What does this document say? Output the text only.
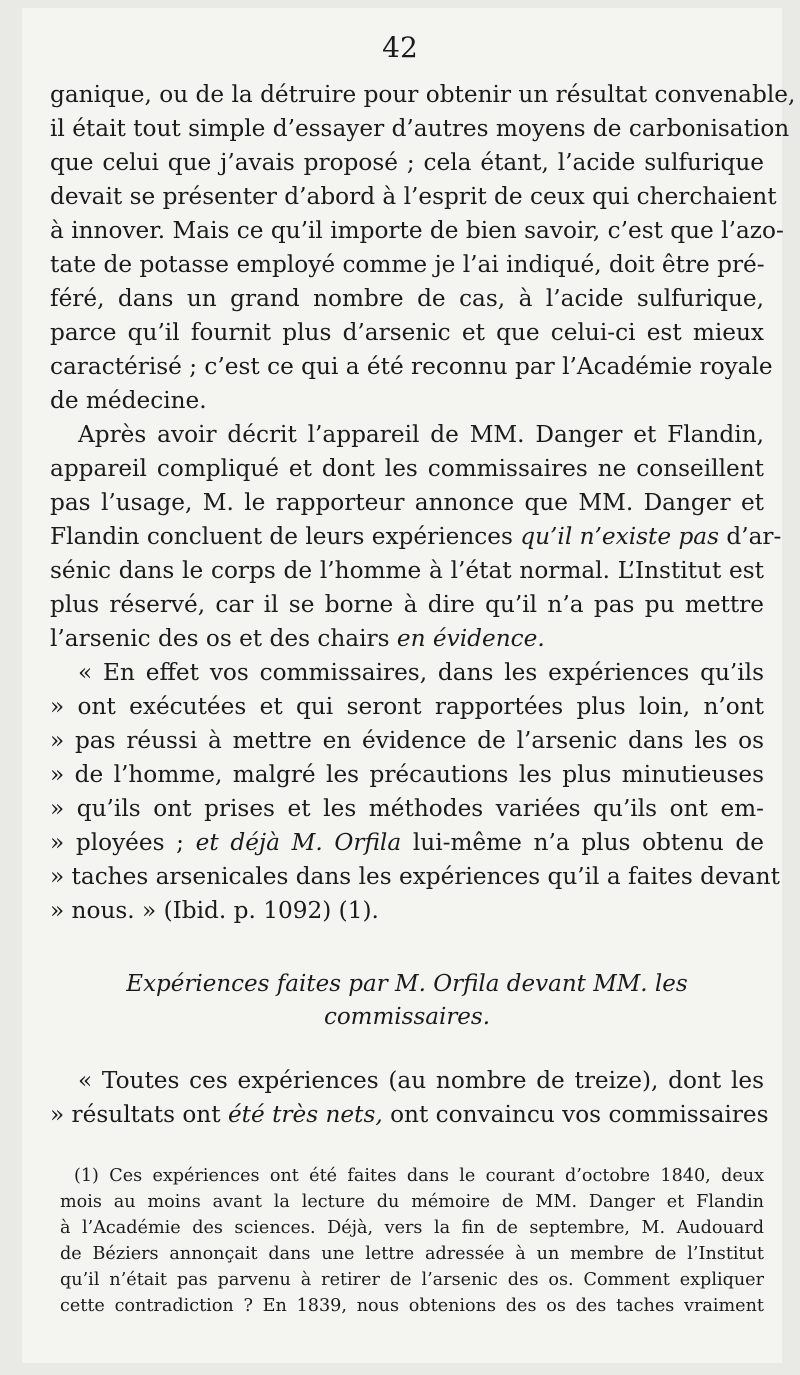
42
ganique, ou de la détruire pour obtenir un résultat convenable,
il était tout simple d’essayer d’autres moyens de carbonisation
que celui que j’avais proposé ; cela étant, l’acide sulfurique
devait se présenter d’abord à l’esprit de ceux qui cherchaient
à innover. Mais ce qu’il importe de bien savoir, c’est que l’azo-
tate de potasse employé comme je l’ai indiqué, doit être pré-
féré, dans un grand nombre de cas, à l’acide sulfurique,
parce qu’il fournit plus d’arsenic et que celui-ci est mieux
caractérisé ; c’est ce qui a été reconnu par l’Académie royale
de médecine.
Après avoir décrit l’appareil de MM. Danger et Flandin,
appareil compliqué et dont les commissaires ne conseillent
pas l’usage, M. le rapporteur annonce que MM. Danger et
Flandin concluent de leurs expériences qu’il n’existe pas d’ar-
sénic dans le corps de l’homme à l’état normal. L’Institut est
plus réservé, car il se borne à dire qu’il n’a pas pu mettre
l’arsenic des os et des chairs en évidence.
« En effet vos commissaires, dans les expériences qu’ils
» ont exécutées et qui seront rapportées plus loin, n’ont
» pas réussi à mettre en évidence de l’arsenic dans les os
» de l’homme, malgré les précautions les plus minutieuses
» qu’ils ont prises et les méthodes variées qu’ils ont em-
» ployées ; et déjà M. Orfila lui-même n’a plus obtenu de
» taches arsenicales dans les expériences qu’il a faites devant
» nous. » (Ibid. p. 1092) (1).
Expériences faites par M. Orfila devant MM. les
commissaires.
« Toutes ces expériences (au nombre de treize), dont les
» résultats ont été très nets, ont convaincu vos commissaires
(1) Ces expériences ont été faites dans le courant d’octobre 1840, deux
mois au moins avant la lecture du mémoire de MM. Danger et Flandin
à l’Académie des sciences. Déjà, vers la fin de septembre, M. Audouard
de Béziers annonçait dans une lettre adressée à un membre de l’Institut
qu’il n’était pas parvenu à retirer de l’arsenic des os. Comment expliquer
cette contradiction ? En 1839, nous obtenions des os des taches vraiment
